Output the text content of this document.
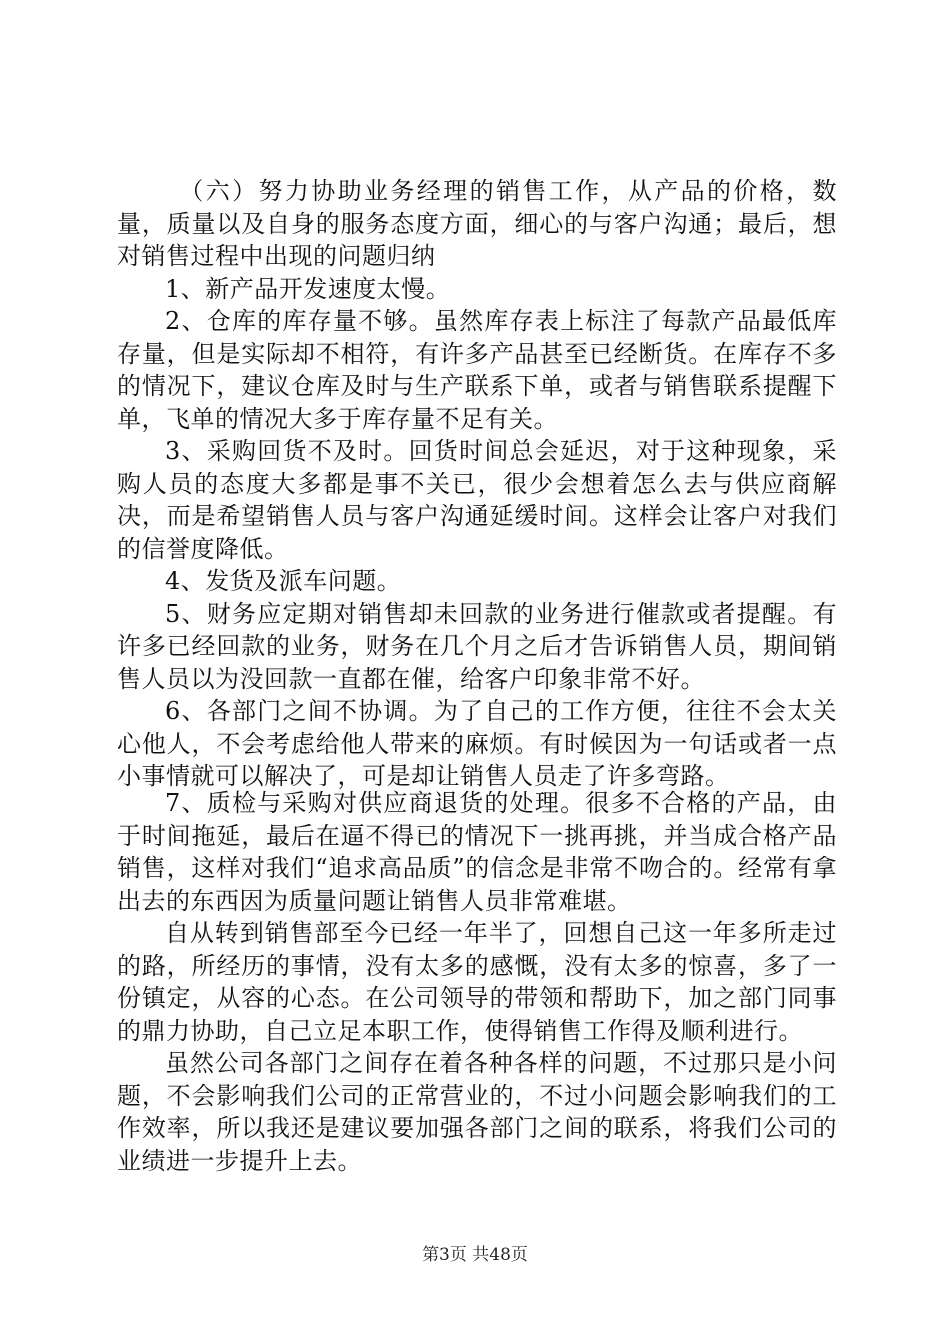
（六）努力协助业务经理的销售工作，从产品的价格，数量，质量以及自身的服务态度方面，细心的与客户沟通；最后，想对销售过程中出现的问题归纳

1、新产品开发速度太慢。

2、仓库的库存量不够。虽然库存表上标注了每款产品最低库存量，但是实际却不相符，有许多产品甚至已经断货。在库存不多的情况下，建议仓库及时与生产联系下单，或者与销售联系提醒下单，飞单的情况大多于库存量不足有关。

3、采购回货不及时。回货时间总会延迟，对于这种现象，采购人员的态度大多都是事不关已，很少会想着怎么去与供应商解决，而是希望销售人员与客户沟通延缓时间。这样会让客户对我们的信誉度降低。

4、发货及派车问题。

5、财务应定期对销售却未回款的业务进行催款或者提醒。有许多已经回款的业务，财务在几个月之后才告诉销售人员，期间销售人员以为没回款一直都在催，给客户印象非常不好。

6、各部门之间不协调。为了自己的工作方便，往往不会太关心他人，不会考虑给他人带来的麻烦。有时候因为一句话或者一点小事情就可以解决了，可是却让销售人员走了许多弯路。

7、质检与采购对供应商退货的处理。很多不合格的产品，由于时间拖延，最后在逼不得已的情况下一挑再挑，并当成合格产品销售，这样对我们“追求高品质”的信念是非常不吻合的。经常有拿出去的东西因为质量问题让销售人员非常难堪。

自从转到销售部至今已经一年半了，回想自己这一年多所走过的路，所经历的事情，没有太多的感慨，没有太多的惊喜，多了一份镇定，从容的心态。在公司领导的带领和帮助下，加之部门同事的鼎力协助，自己立足本职工作，使得销售工作得及顺利进行。

虽然公司各部门之间存在着各种各样的问题，不过那只是小问题，不会影响我们公司的正常营业的，不过小问题会影响我们的工作效率，所以我还是建议要加强各部门之间的联系，将我们公司的业绩进一步提升上去。

第3页 共48页
